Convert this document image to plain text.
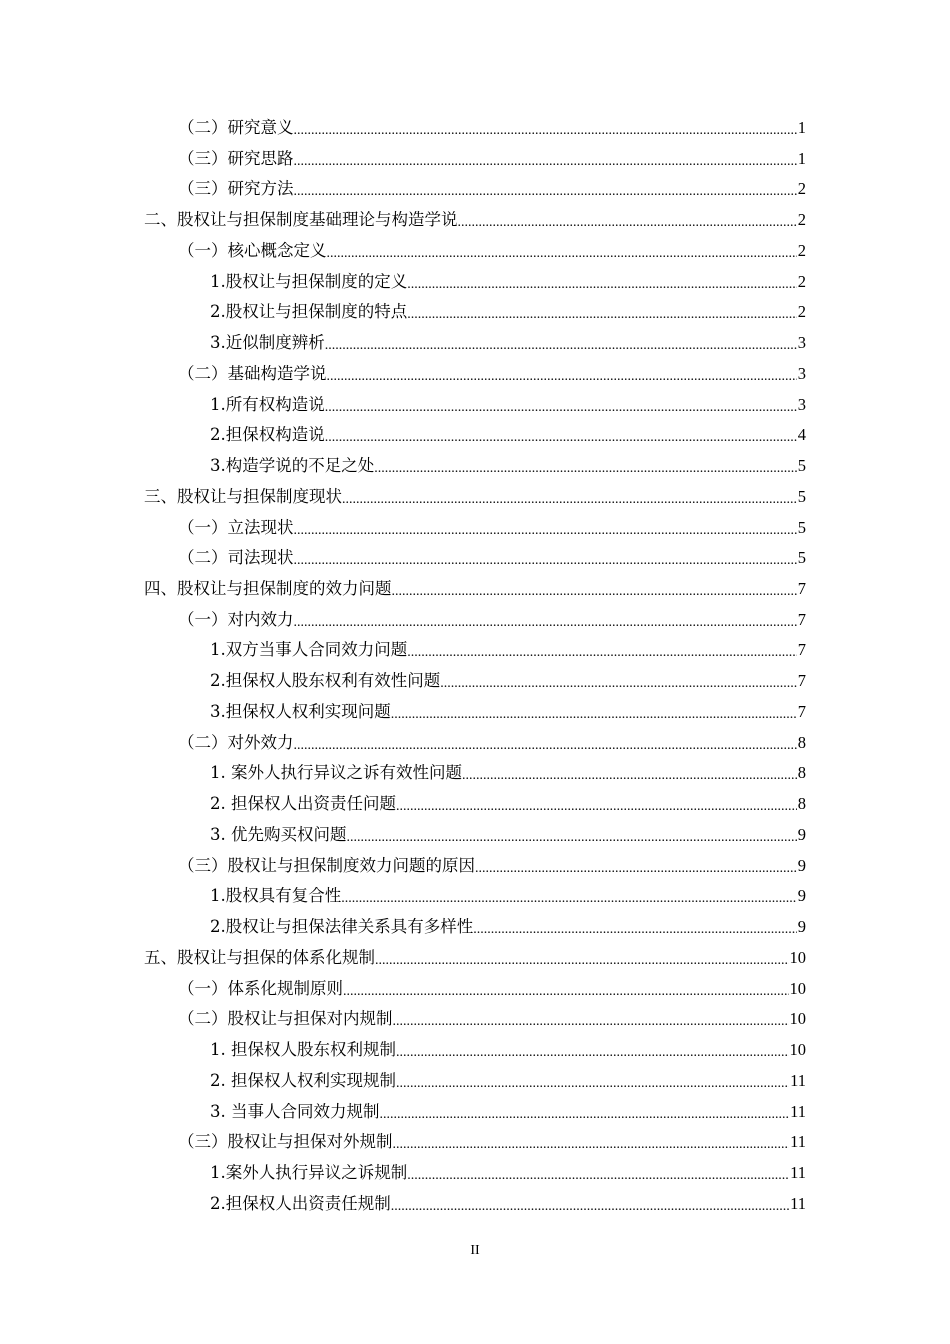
（二）研究意义 .....	1
（三）研究思路 .....	1
（三）研究方法 .....	2
二、股权让与担保制度基础理论与构造学说 .....	2
（一）核心概念定义 .....	2
1.股权让与担保制度的定义 .....	2
2.股权让与担保制度的特点 .....	2
3.近似制度辨析 .....	3
（二）基础构造学说 .....	3
1.所有权构造说 .....	3
2.担保权构造说 .....	4
3.构造学说的不足之处 .....	5
三、股权让与担保制度现状 .....	5
（一）立法现状 .....	5
（二）司法现状 .....	5
四、股权让与担保制度的效力问题 .....	7
（一）对内效力 .....	7
1.双方当事人合同效力问题 .....	7
2.担保权人股东权利有效性问题 .....	7
3.担保权人权利实现问题 .....	7
（二）对外效力 .....	8
1. 案外人执行异议之诉有效性问题 .....	8
2. 担保权人出资责任问题 .....	8
3. 优先购买权问题 .....	9
（三）股权让与担保制度效力问题的原因 .....	9
1.股权具有复合性 .....	9
2.股权让与担保法律关系具有多样性 .....	9
五、股权让与担保的体系化规制 .....	10
（一）体系化规制原则 .....	10
（二）股权让与担保对内规制 .....	10
1. 担保权人股东权利规制 .....	10
2. 担保权人权利实现规制 .....	11
3. 当事人合同效力规制 .....	11
（三）股权让与担保对外规制 .....	11
1.案外人执行异议之诉规制 .....	11
2.担保权人出资责任规制 .....	11
II
